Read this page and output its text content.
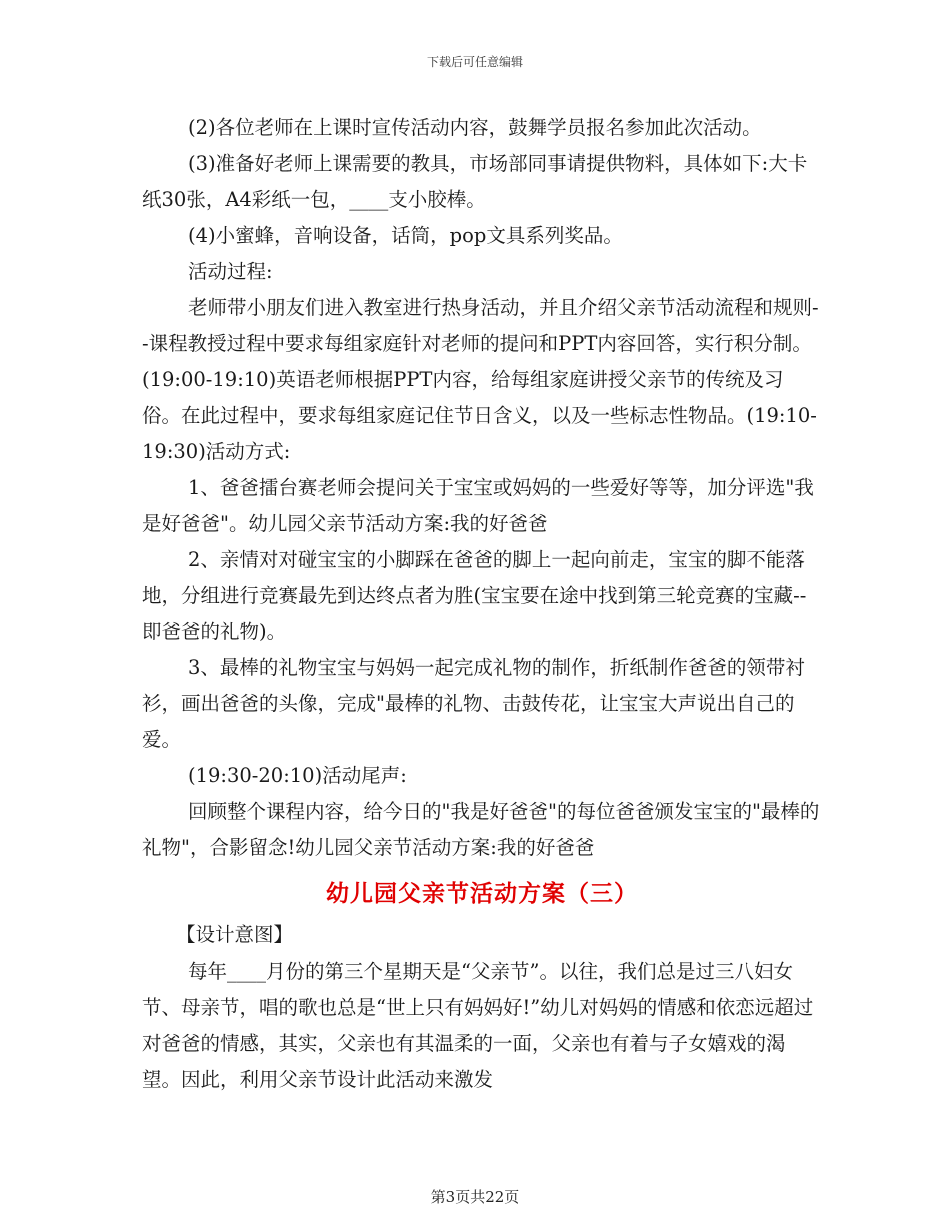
下载后可任意编辑

(2)各位老师在上课时宣传活动内容，鼓舞学员报名参加此次活动。

(3)准备好老师上课需要的教具，市场部同事请提供物料，具体如下:大卡纸30张，A4彩纸一包，____支小胶棒。

(4)小蜜蜂，音响设备，话筒，pop文具系列奖品。

活动过程:

老师带小朋友们进入教室进行热身活动，并且介绍父亲节活动流程和规则--课程教授过程中要求每组家庭针对老师的提问和PPT内容回答，实行积分制。(19:00-19:10)英语老师根据PPT内容，给每组家庭讲授父亲节的传统及习俗。在此过程中，要求每组家庭记住节日含义，以及一些标志性物品。(19:10-19:30)活动方式:

1、爸爸擂台赛老师会提问关于宝宝或妈妈的一些爱好等等，加分评选"我是好爸爸"。幼儿园父亲节活动方案:我的好爸爸

2、亲情对对碰宝宝的小脚踩在爸爸的脚上一起向前走，宝宝的脚不能落地，分组进行竞赛最先到达终点者为胜(宝宝要在途中找到第三轮竞赛的宝藏--即爸爸的礼物)。

3、最棒的礼物宝宝与妈妈一起完成礼物的制作，折纸制作爸爸的领带衬衫，画出爸爸的头像，完成"最棒的礼物、击鼓传花，让宝宝大声说出自己的爱。

(19:30-20:10)活动尾声:

回顾整个课程内容，给今日的"我是好爸爸"的每位爸爸颁发宝宝的"最棒的礼物"，合影留念!幼儿园父亲节活动方案:我的好爸爸

幼儿园父亲节活动方案（三）

【设计意图】

每年____月份的第三个星期天是“父亲节”。以往，我们总是过三八妇女节、母亲节，唱的歌也总是“世上只有妈妈好!”幼儿对妈妈的情感和依恋远超过对爸爸的情感，其实，父亲也有其温柔的一面，父亲也有着与子女嬉戏的渴望。因此，利用父亲节设计此活动来激发

第3页共22页
